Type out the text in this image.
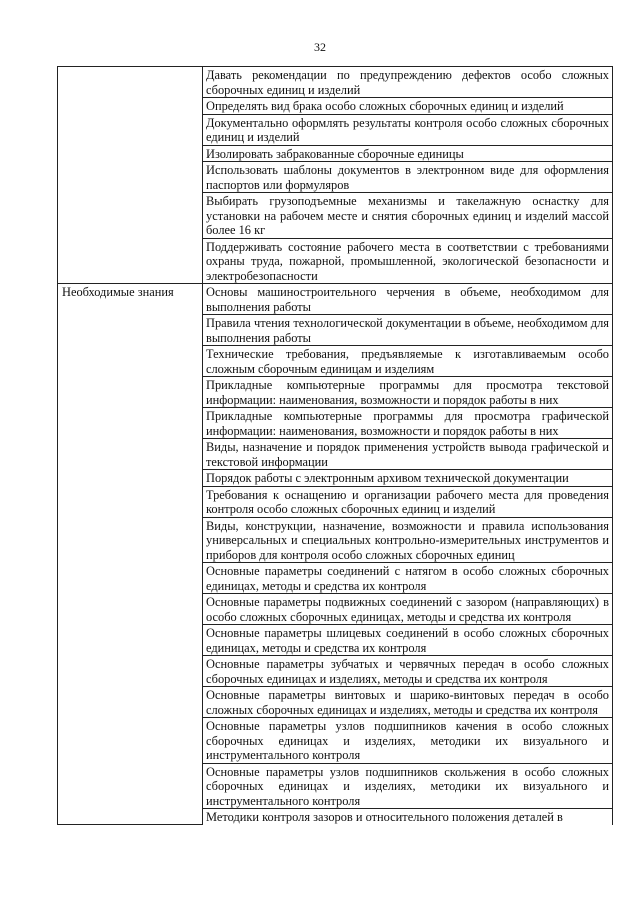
32
	Давать рекомендации по предупреждению дефектов особо сложных сборочных единиц и изделий
	Определять вид брака особо сложных сборочных единиц и изделий
	Документально оформлять результаты контроля особо сложных сборочных единиц и изделий
	Изолировать забракованные сборочные единицы
	Использовать шаблоны документов в электронном виде для оформления паспортов или формуляров
	Выбирать грузоподъемные механизмы и такелажную оснастку для установки на рабочем месте и снятия сборочных единиц и изделий массой более 16 кг
	Поддерживать состояние рабочего места в соответствии с требованиями охраны труда, пожарной, промышленной, экологической безопасности и электробезопасности
Необходимые знания	Основы машиностроительного черчения в объеме, необходимом для выполнения работы
	Правила чтения технологической документации в объеме, необходимом для выполнения работы
	Технические требования, предъявляемые к изготавливаемым особо сложным сборочным единицам и изделиям
	Прикладные компьютерные программы для просмотра текстовой информации: наименования, возможности и порядок работы в них
	Прикладные компьютерные программы для просмотра графической информации: наименования, возможности и порядок работы в них
	Виды, назначение и порядок применения устройств вывода графической и текстовой информации
	Порядок работы с электронным архивом технической документации
	Требования к оснащению и организации рабочего места для проведения контроля особо сложных сборочных единиц и изделий
	Виды, конструкции, назначение, возможности и правила использования универсальных и специальных контрольно-измерительных инструментов и приборов для контроля особо сложных сборочных единиц
	Основные параметры соединений с натягом в особо сложных сборочных единицах, методы и средства их контроля
	Основные параметры подвижных соединений с зазором (направляющих) в особо сложных сборочных единицах, методы и средства их контроля
	Основные параметры шлицевых соединений в особо сложных сборочных единицах, методы и средства их контроля
	Основные параметры зубчатых и червячных передач в особо сложных сборочных единицах и изделиях, методы и средства их контроля
	Основные параметры винтовых и шарико-винтовых передач в особо сложных сборочных единицах и изделиях, методы и средства их контроля
	Основные параметры узлов подшипников качения в особо сложных сборочных единицах и изделиях, методики их визуального и инструментального контроля
	Основные параметры узлов подшипников скольжения в особо сложных сборочных единицах и изделиях, методики их визуального и инструментального контроля
	Методики контроля зазоров и относительного положения деталей в
